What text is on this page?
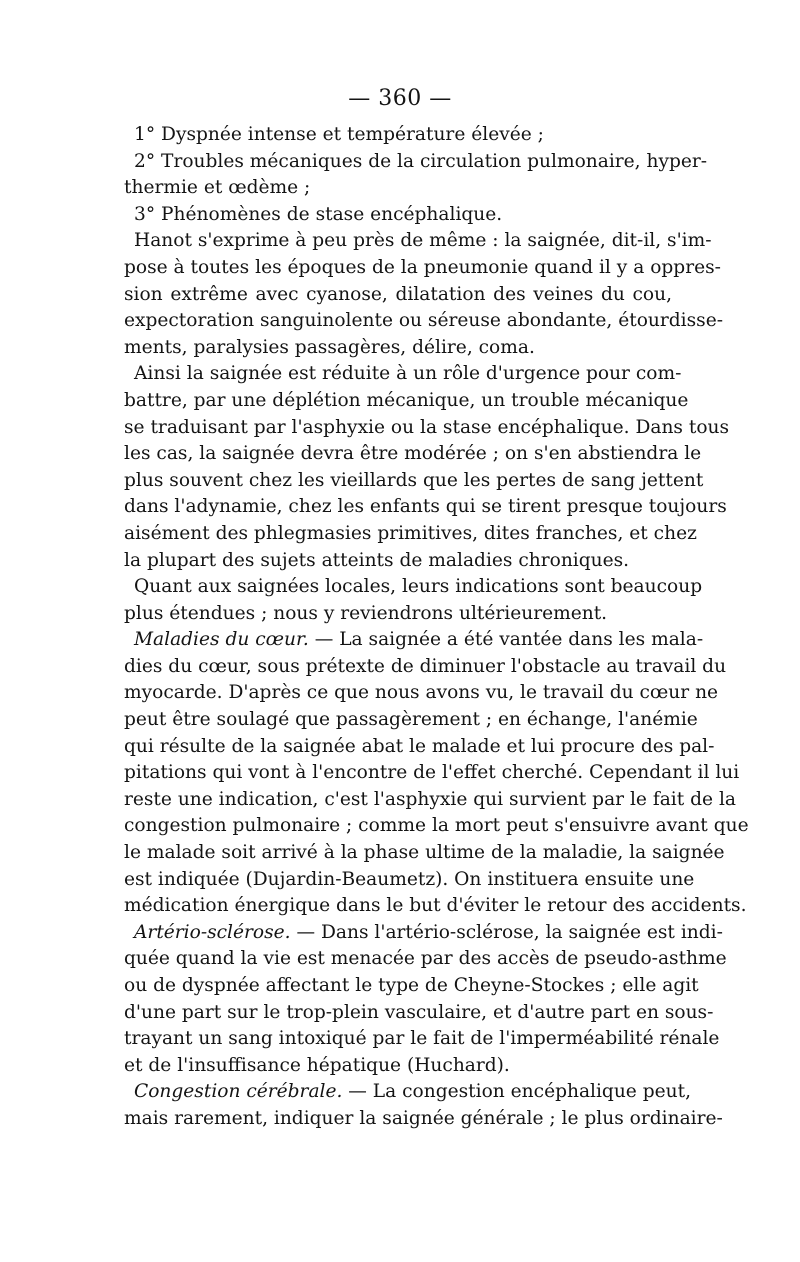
— 360 —
1° Dyspnée intense et température élevée ;
2° Troubles mécaniques de la circulation pulmonaire, hyper-
thermie et œdème ;
3° Phénomènes de stase encéphalique.
Hanot s'exprime à peu près de même : la saignée, dit-il, s'im-
pose à toutes les époques de la pneumonie quand il y a oppres-
sion extrême avec cyanose, dilatation des veines du cou,
expectoration sanguinolente ou séreuse abondante, étourdisse-
ments, paralysies passagères, délire, coma.
Ainsi la saignée est réduite à un rôle d'urgence pour com-
battre, par une déplétion mécanique, un trouble mécanique
se traduisant par l'asphyxie ou la stase encéphalique. Dans tous
les cas, la saignée devra être modérée ; on s'en abstiendra le
plus souvent chez les vieillards que les pertes de sang jettent
dans l'adynamie, chez les enfants qui se tirent presque toujours
aisément des phlegmasies primitives, dites franches, et chez
la plupart des sujets atteints de maladies chroniques.
Quant aux saignées locales, leurs indications sont beaucoup
plus étendues ; nous y reviendrons ultérieurement.
Maladies du cœur. — La saignée a été vantée dans les mala-
dies du cœur, sous prétexte de diminuer l'obstacle au travail du
myocarde. D'après ce que nous avons vu, le travail du cœur ne
peut être soulagé que passagèrement ; en échange, l'anémie
qui résulte de la saignée abat le malade et lui procure des pal-
pitations qui vont à l'encontre de l'effet cherché. Cependant il lui
reste une indication, c'est l'asphyxie qui survient par le fait de la
congestion pulmonaire ; comme la mort peut s'ensuivre avant que
le malade soit arrivé à la phase ultime de la maladie, la saignée
est indiquée (Dujardin-Beaumetz). On instituera ensuite une
médication énergique dans le but d'éviter le retour des accidents.
Artério-sclérose. — Dans l'artério-sclérose, la saignée est indi-
quée quand la vie est menacée par des accès de pseudo-asthme
ou de dyspnée affectant le type de Cheyne-Stockes ; elle agit
d'une part sur le trop-plein vasculaire, et d'autre part en sous-
trayant un sang intoxiqué par le fait de l'imperméabilité rénale
et de l'insuffisance hépatique (Huchard).
Congestion cérébrale. — La congestion encéphalique peut,
mais rarement, indiquer la saignée générale ; le plus ordinaire-
